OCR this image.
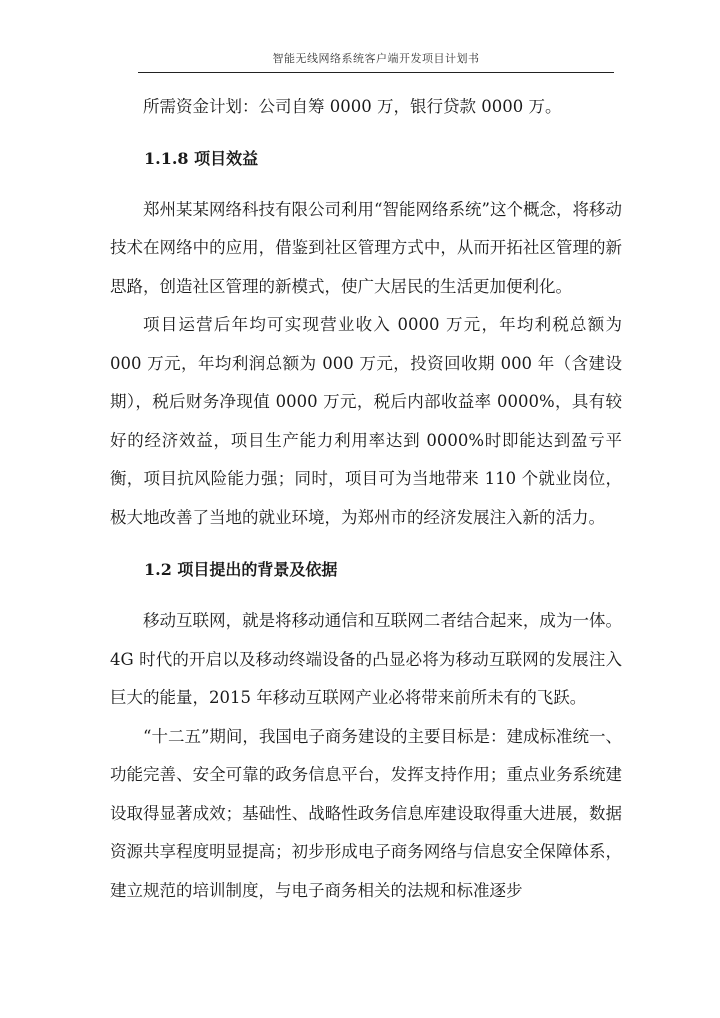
智能无线网络系统客户端开发项目计划书

所需资金计划：公司自筹 0000 万，银行贷款 0000 万。

1.1.8 项目效益

郑州某某网络科技有限公司利用“智能网络系统”这个概念，将移动技术在网络中的应用，借鉴到社区管理方式中，从而开拓社区管理的新思路，创造社区管理的新模式，使广大居民的生活更加便利化。

项目运营后年均可实现营业收入 0000 万元，年均利税总额为 000 万元，年均利润总额为 000 万元，投资回收期 000 年（含建设期），税后财务净现值 0000 万元，税后内部收益率 0000%，具有较好的经济效益，项目生产能力利用率达到 0000%时即能达到盈亏平衡，项目抗风险能力强；同时，项目可为当地带来 110 个就业岗位，极大地改善了当地的就业环境，为郑州市的经济发展注入新的活力。

1.2 项目提出的背景及依据

移动互联网，就是将移动通信和互联网二者结合起来，成为一体。4G 时代的开启以及移动终端设备的凸显必将为移动互联网的发展注入巨大的能量，2015 年移动互联网产业必将带来前所未有的飞跃。

“十二五”期间，我国电子商务建设的主要目标是：建成标准统一、功能完善、安全可靠的政务信息平台，发挥支持作用；重点业务系统建设取得显著成效；基础性、战略性政务信息库建设取得重大进展，数据资源共享程度明显提高；初步形成电子商务网络与信息安全保障体系，建立规范的培训制度，与电子商务相关的法规和标准逐步
